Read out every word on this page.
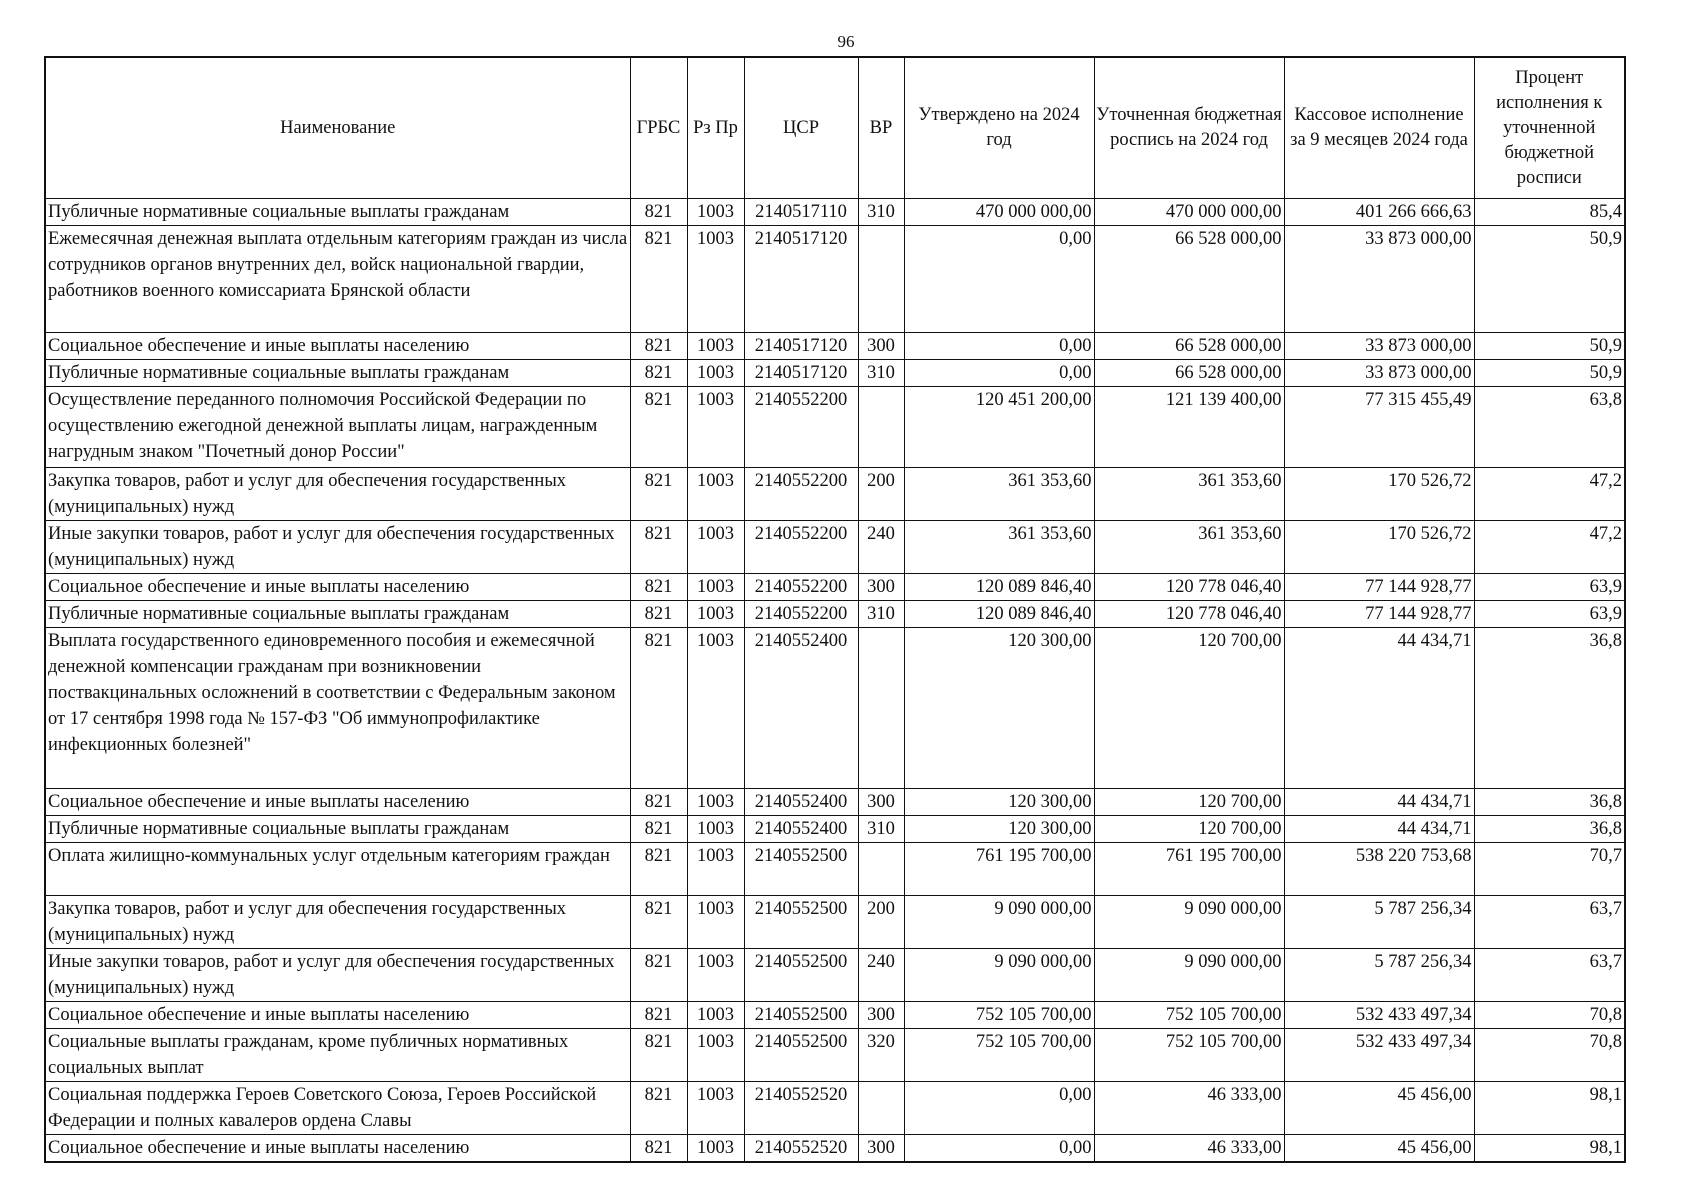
96
Наименование	ГРБС	Рз Пр	ЦСР	ВР	Утверждено на 2024 год	Уточненная бюджетная роспись на 2024 год	Кассовое исполнение за 9 месяцев 2024 года	Процент исполнения к уточненной бюджетной росписи
Публичные нормативные социальные выплаты гражданам	821	1003	2140517110	310	470 000 000,00	470 000 000,00	401 266 666,63	85,4
Ежемесячная денежная выплата отдельным категориям граждан из числа сотрудников органов внутренних дел, войск национальной гвардии, работников военного комиссариата Брянской области	821	1003	2140517120		0,00	66 528 000,00	33 873 000,00	50,9
Социальное обеспечение и иные выплаты населению	821	1003	2140517120	300	0,00	66 528 000,00	33 873 000,00	50,9
Публичные нормативные социальные выплаты гражданам	821	1003	2140517120	310	0,00	66 528 000,00	33 873 000,00	50,9
Осуществление переданного полномочия Российской Федерации по осуществлению ежегодной денежной выплаты лицам, награжденным нагрудным знаком "Почетный донор России"	821	1003	2140552200		120 451 200,00	121 139 400,00	77 315 455,49	63,8
Закупка товаров, работ и услуг для обеспечения государственных (муниципальных) нужд	821	1003	2140552200	200	361 353,60	361 353,60	170 526,72	47,2
Иные закупки товаров, работ и услуг для обеспечения государственных (муниципальных) нужд	821	1003	2140552200	240	361 353,60	361 353,60	170 526,72	47,2
Социальное обеспечение и иные выплаты населению	821	1003	2140552200	300	120 089 846,40	120 778 046,40	77 144 928,77	63,9
Публичные нормативные социальные выплаты гражданам	821	1003	2140552200	310	120 089 846,40	120 778 046,40	77 144 928,77	63,9
Выплата государственного единовременного пособия и ежемесячной денежной компенсации гражданам при возникновении поствакцинальных осложнений в соответствии с Федеральным законом от 17 сентября 1998 года № 157-ФЗ "Об иммунопрофилактике инфекционных болезней"	821	1003	2140552400		120 300,00	120 700,00	44 434,71	36,8
Социальное обеспечение и иные выплаты населению	821	1003	2140552400	300	120 300,00	120 700,00	44 434,71	36,8
Публичные нормативные социальные выплаты гражданам	821	1003	2140552400	310	120 300,00	120 700,00	44 434,71	36,8
Оплата жилищно-коммунальных услуг отдельным категориям граждан	821	1003	2140552500		761 195 700,00	761 195 700,00	538 220 753,68	70,7
Закупка товаров, работ и услуг для обеспечения государственных (муниципальных) нужд	821	1003	2140552500	200	9 090 000,00	9 090 000,00	5 787 256,34	63,7
Иные закупки товаров, работ и услуг для обеспечения государственных (муниципальных) нужд	821	1003	2140552500	240	9 090 000,00	9 090 000,00	5 787 256,34	63,7
Социальное обеспечение и иные выплаты населению	821	1003	2140552500	300	752 105 700,00	752 105 700,00	532 433 497,34	70,8
Социальные выплаты гражданам, кроме публичных нормативных социальных выплат	821	1003	2140552500	320	752 105 700,00	752 105 700,00	532 433 497,34	70,8
Социальная поддержка Героев Советского Союза, Героев Российской Федерации и полных кавалеров ордена Славы	821	1003	2140552520		0,00	46 333,00	45 456,00	98,1
Социальное обеспечение и иные выплаты населению	821	1003	2140552520	300	0,00	46 333,00	45 456,00	98,1
